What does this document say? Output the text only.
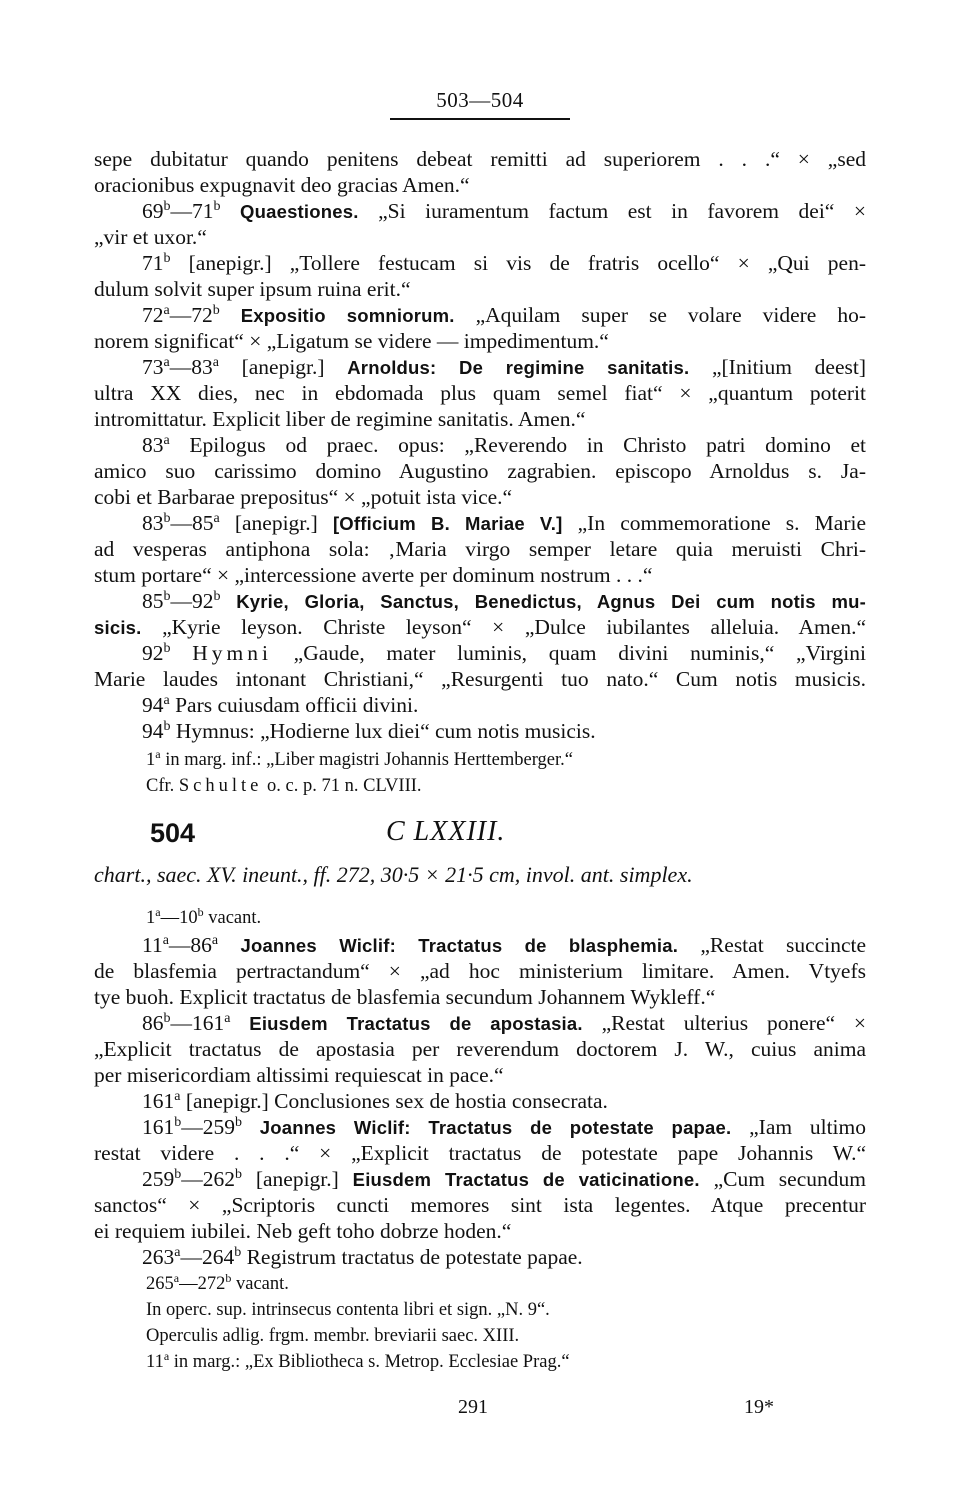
503—504
sepe dubitatur quando penitens debeat remitti ad superiorem . . .“ × „sed
oracionibus expugnavit deo gracias Amen.“
69$^b$—71$^b$ Quaestiones. „Si iuramentum factum est in favorem dei“ ×
„vir et uxor.“
71$^b$ [anepigr.] „Tollere festucam si vis de fratris ocello“ × „Qui pen-
dulum solvit super ipsum ruina erit.“
72$^a$—72$^b$ Expositio somniorum. „Aquilam super se volare videre ho-
norem significat“ × „Ligatum se videre — impedimentum.“
73$^a$—83$^a$ [anepigr.] Arnoldus: De regimine sanitatis. „[Initium deest]
ultra XX dies, nec in ebdomada plus quam semel fiat“ × „quantum poterit
intromittatur. Explicit liber de regimine sanitatis. Amen.“
83$^a$ Epilogus od praec. opus: „Reverendo in Christo patri domino et
amico suo carissimo domino Augustino zagrabien. episcopo Arnoldus s. Ja-
cobi et Barbarae prepositus“ × „potuit ista vice.“
83$^b$—85$^a$ [anepigr.] [Officium B. Mariae V.] „In commemoratione s. Marie
ad vesperas antiphona sola: ‚Maria virgo semper letare quia meruisti Chri-
stum portare“ × „intercessione averte per dominum nostrum . . .“
85$^b$—92$^b$ Kyrie, Gloria, Sanctus, Benedictus, Agnus Dei cum notis mu-
sicis. „Kyrie leyson. Christe leyson“ × „Dulce iubilantes alleluia. Amen.“
92$^b$ Hymni „Gaude, mater luminis, quam divini numinis,“ „Virgini
Marie laudes intonant Christiani,“ „Resurgenti tuo nato.“ Cum notis musicis.
94$^a$ Pars cuiusdam officii divini.
94$^b$ Hymnus: „Hodierne lux diei“ cum notis musicis.
1$^a$ in marg. inf.: „Liber magistri Johannis Herttemberger.“
Cfr. Schulte o. c. p. 71 n. CLVIII.
504	C LXXIII.
chart., saec. XV. ineunt., ff. 272, 30·5 × 21·5 cm, invol. ant. simplex.
1$^a$—10$^b$ vacant.
11$^a$—86$^a$ Joannes Wiclif: Tractatus de blasphemia. „Restat succincte
de blasfemia pertractandum“ × „ad hoc ministerium limitare. Amen. Vtyefs
tye buoh. Explicit tractatus de blasfemia secundum Johannem Wykleff.“
86$^b$—161$^a$ Eiusdem Tractatus de apostasia. „Restat ulterius ponere“ ×
„Explicit tractatus de apostasia per reverendum doctorem J. W., cuius anima
per misericordiam altissimi requiescat in pace.“
161$^a$ [anepigr.] Conclusiones sex de hostia consecrata.
161$^b$—259$^b$ Joannes Wiclif: Tractatus de potestate papae. „Iam ultimo
restat videre . . .“ × „Explicit tractatus de potestate pape Johannis W.“
259$^b$—262$^b$ [anepigr.] Eiusdem Tractatus de vaticinatione. „Cum secundum
sanctos“ × „Scriptoris cuncti memores sint ista legentes. Atque precentur
ei requiem iubilei. Neb geft toho dobrze hoden.“
263$^a$—264$^b$ Registrum tractatus de potestate papae.
265$^a$—272$^b$ vacant.
In operc. sup. intrinsecus contenta libri et sign. „N. 9“.
Operculis adlig. frgm. membr. breviarii saec. XIII.
11$^a$ in marg.: „Ex Bibliotheca s. Metrop. Ecclesiae Prag.“
291	19*
